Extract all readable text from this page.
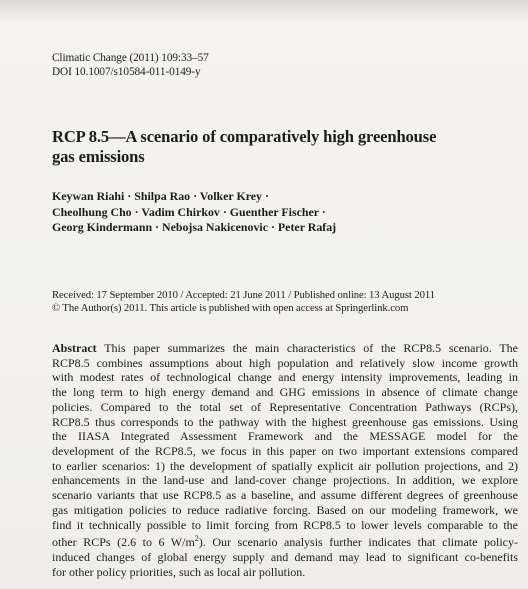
Climatic Change (2011) 109:33–57
DOI 10.1007/s10584-011-0149-y
RCP 8.5—A scenario of comparatively high greenhouse
gas emissions
Keywan Riahi · Shilpa Rao · Volker Krey ·
Cheolhung Cho · Vadim Chirkov · Guenther Fischer ·
Georg Kindermann · Nebojsa Nakicenovic · Peter Rafaj
Received: 17 September 2010 / Accepted: 21 June 2011 / Published online: 13 August 2011
© The Author(s) 2011. This article is published with open access at Springerlink.com
Abstract This paper summarizes the main characteristics of the RCP8.5 scenario. The
RCP8.5 combines assumptions about high population and relatively slow income growth
with modest rates of technological change and energy intensity improvements, leading in
the long term to high energy demand and GHG emissions in absence of climate change
policies. Compared to the total set of Representative Concentration Pathways (RCPs),
RCP8.5 thus corresponds to the pathway with the highest greenhouse gas emissions. Using
the IIASA Integrated Assessment Framework and the MESSAGE model for the
development of the RCP8.5, we focus in this paper on two important extensions compared
to earlier scenarios: 1) the development of spatially explicit air pollution projections, and 2)
enhancements in the land-use and land-cover change projections. In addition, we explore
scenario variants that use RCP8.5 as a baseline, and assume different degrees of greenhouse
gas mitigation policies to reduce radiative forcing. Based on our modeling framework, we
find it technically possible to limit forcing from RCP8.5 to lower levels comparable to the
other RCPs (2.6 to 6 $W/m^2$). Our scenario analysis further indicates that climate policy-
induced changes of global energy supply and demand may lead to significant co-benefits
for other policy priorities, such as local air pollution.
